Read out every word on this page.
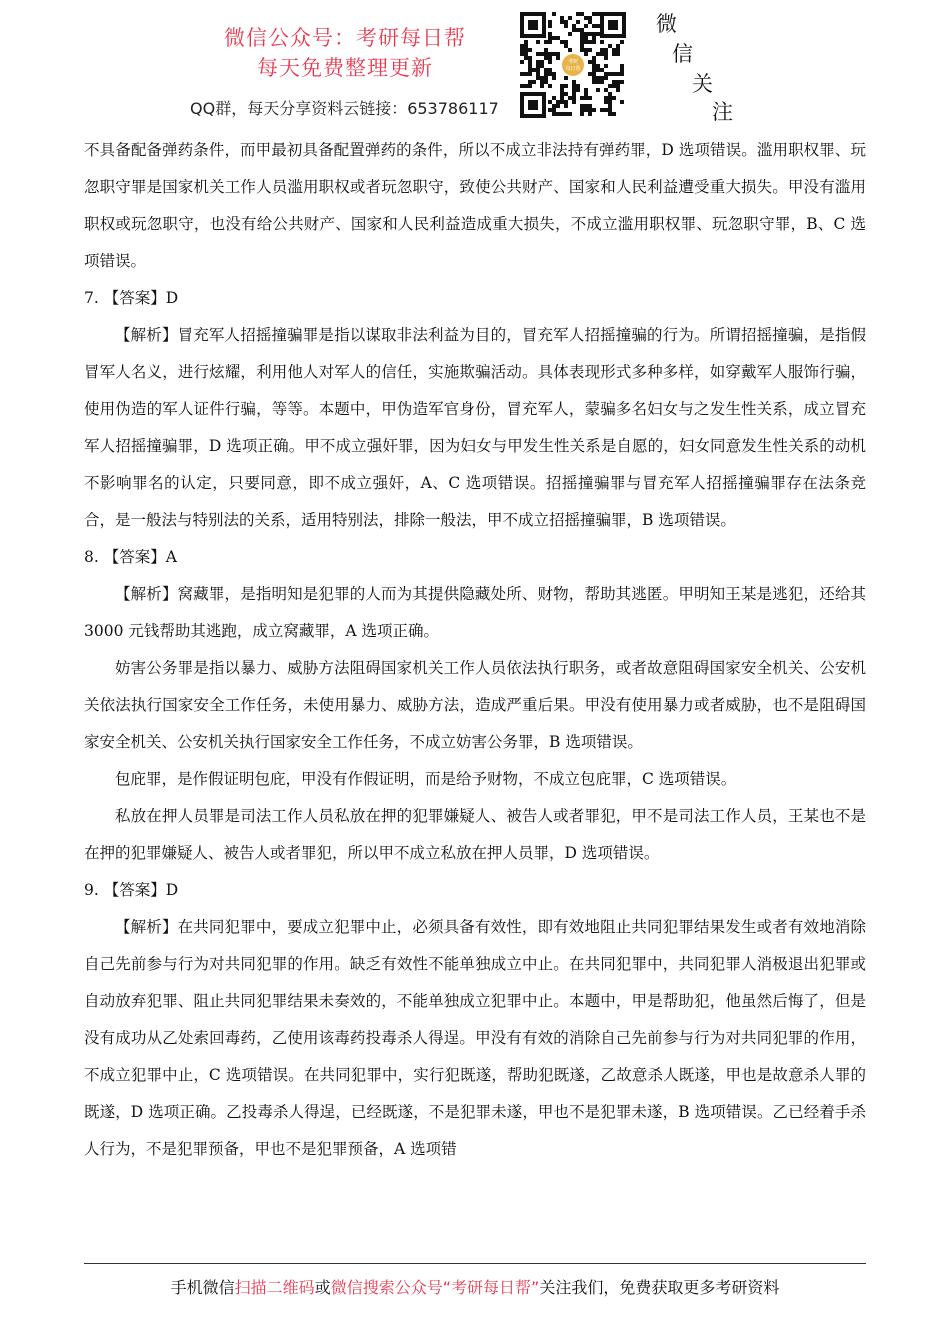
微信公众号：考研每日帮
每天免费整理更新
QQ群，每天分享资料云链接：653786117
考研
每日帮
微
信
关
注

不具备配备弹药条件，而甲最初具备配置弹药的条件，所以不成立非法持有弹药罪，D 选项错误。滥用职权罪、玩忽职守罪是国家机关工作人员滥用职权或者玩忽职守，致使公共财产、国家和人民利益遭受重大损失。甲没有滥用职权或玩忽职守，也没有给公共财产、国家和人民利益造成重大损失，不成立滥用职权罪、玩忽职守罪，B、C 选项错误。

7. 【答案】D

【解析】冒充军人招摇撞骗罪是指以谋取非法利益为目的，冒充军人招摇撞骗的行为。所谓招摇撞骗，是指假冒军人名义，进行炫耀，利用他人对军人的信任，实施欺骗活动。具体表现形式多种多样，如穿戴军人服饰行骗，使用伪造的军人证件行骗，等等。本题中，甲伪造军官身份，冒充军人，蒙骗多名妇女与之发生性关系，成立冒充军人招摇撞骗罪，D 选项正确。甲不成立强奸罪，因为妇女与甲发生性关系是自愿的，妇女同意发生性关系的动机不影响罪名的认定，只要同意，即不成立强奸，A、C 选项错误。招摇撞骗罪与冒充军人招摇撞骗罪存在法条竞合，是一般法与特别法的关系，适用特别法，排除一般法，甲不成立招摇撞骗罪，B 选项错误。

8. 【答案】A

【解析】窝藏罪，是指明知是犯罪的人而为其提供隐藏处所、财物，帮助其逃匿。甲明知王某是逃犯，还给其 3000 元钱帮助其逃跑，成立窝藏罪，A 选项正确。

妨害公务罪是指以暴力、威胁方法阻碍国家机关工作人员依法执行职务，或者故意阻碍国家安全机关、公安机关依法执行国家安全工作任务，未使用暴力、威胁方法，造成严重后果。甲没有使用暴力或者威胁，也不是阻碍国家安全机关、公安机关执行国家安全工作任务，不成立妨害公务罪，B 选项错误。

包庇罪，是作假证明包庇，甲没有作假证明，而是给予财物，不成立包庇罪，C 选项错误。

私放在押人员罪是司法工作人员私放在押的犯罪嫌疑人、被告人或者罪犯，甲不是司法工作人员，王某也不是在押的犯罪嫌疑人、被告人或者罪犯，所以甲不成立私放在押人员罪，D 选项错误。

9. 【答案】D

【解析】在共同犯罪中，要成立犯罪中止，必须具备有效性，即有效地阻止共同犯罪结果发生或者有效地消除自己先前参与行为对共同犯罪的作用。缺乏有效性不能单独成立中止。在共同犯罪中，共同犯罪人消极退出犯罪或自动放弃犯罪、阻止共同犯罪结果未奏效的，不能单独成立犯罪中止。本题中，甲是帮助犯，他虽然后悔了，但是没有成功从乙处索回毒药，乙使用该毒药投毒杀人得逞。甲没有有效的消除自己先前参与行为对共同犯罪的作用，不成立犯罪中止，C 选项错误。在共同犯罪中，实行犯既遂，帮助犯既遂，乙故意杀人既遂，甲也是故意杀人罪的既遂，D 选项正确。乙投毒杀人得逞，已经既遂，不是犯罪未遂，甲也不是犯罪未遂，B 选项错误。乙已经着手杀人行为，不是犯罪预备，甲也不是犯罪预备，A 选项错

手机微信扫描二维码或微信搜索公众号“考研每日帮”关注我们，免费获取更多考研资料
